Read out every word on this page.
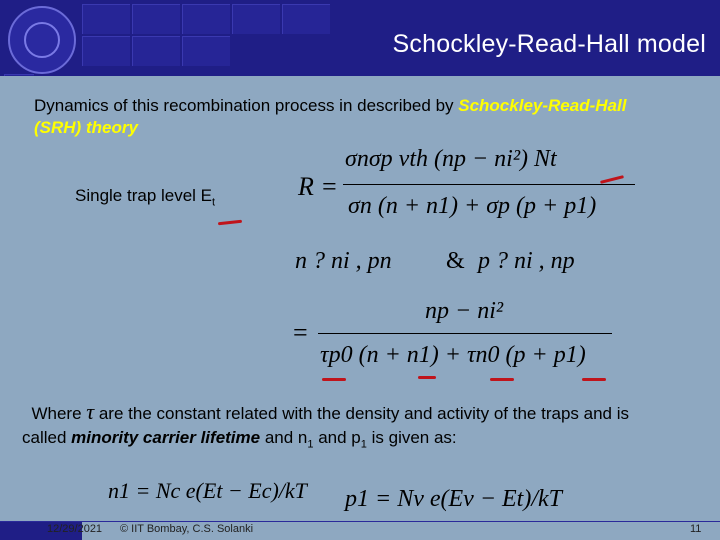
Schockley-Read-Hall model
Dynamics of this recombination process in described by Schockley-Read-Hall (SRH) theory
Single trap level $E_t$
R =
σnσp vth (np − ni²) Nt
σn (n + n1) + σp (p + p1)
n ? ni , pn & p ? ni , np
=
np − ni²
τp0 (n + n1) + τn0 (p + p1)
Where τ are the constant related with the density and activity of the traps and is called minority carrier lifetime and $n_1$ and $p_1$ is given as:
n1 = Nc e(Et − Ec)/kT p1 = Nv e(Ev − Et)/kT
12/29/2021 © IIT Bombay, C.S. Solanki	11
